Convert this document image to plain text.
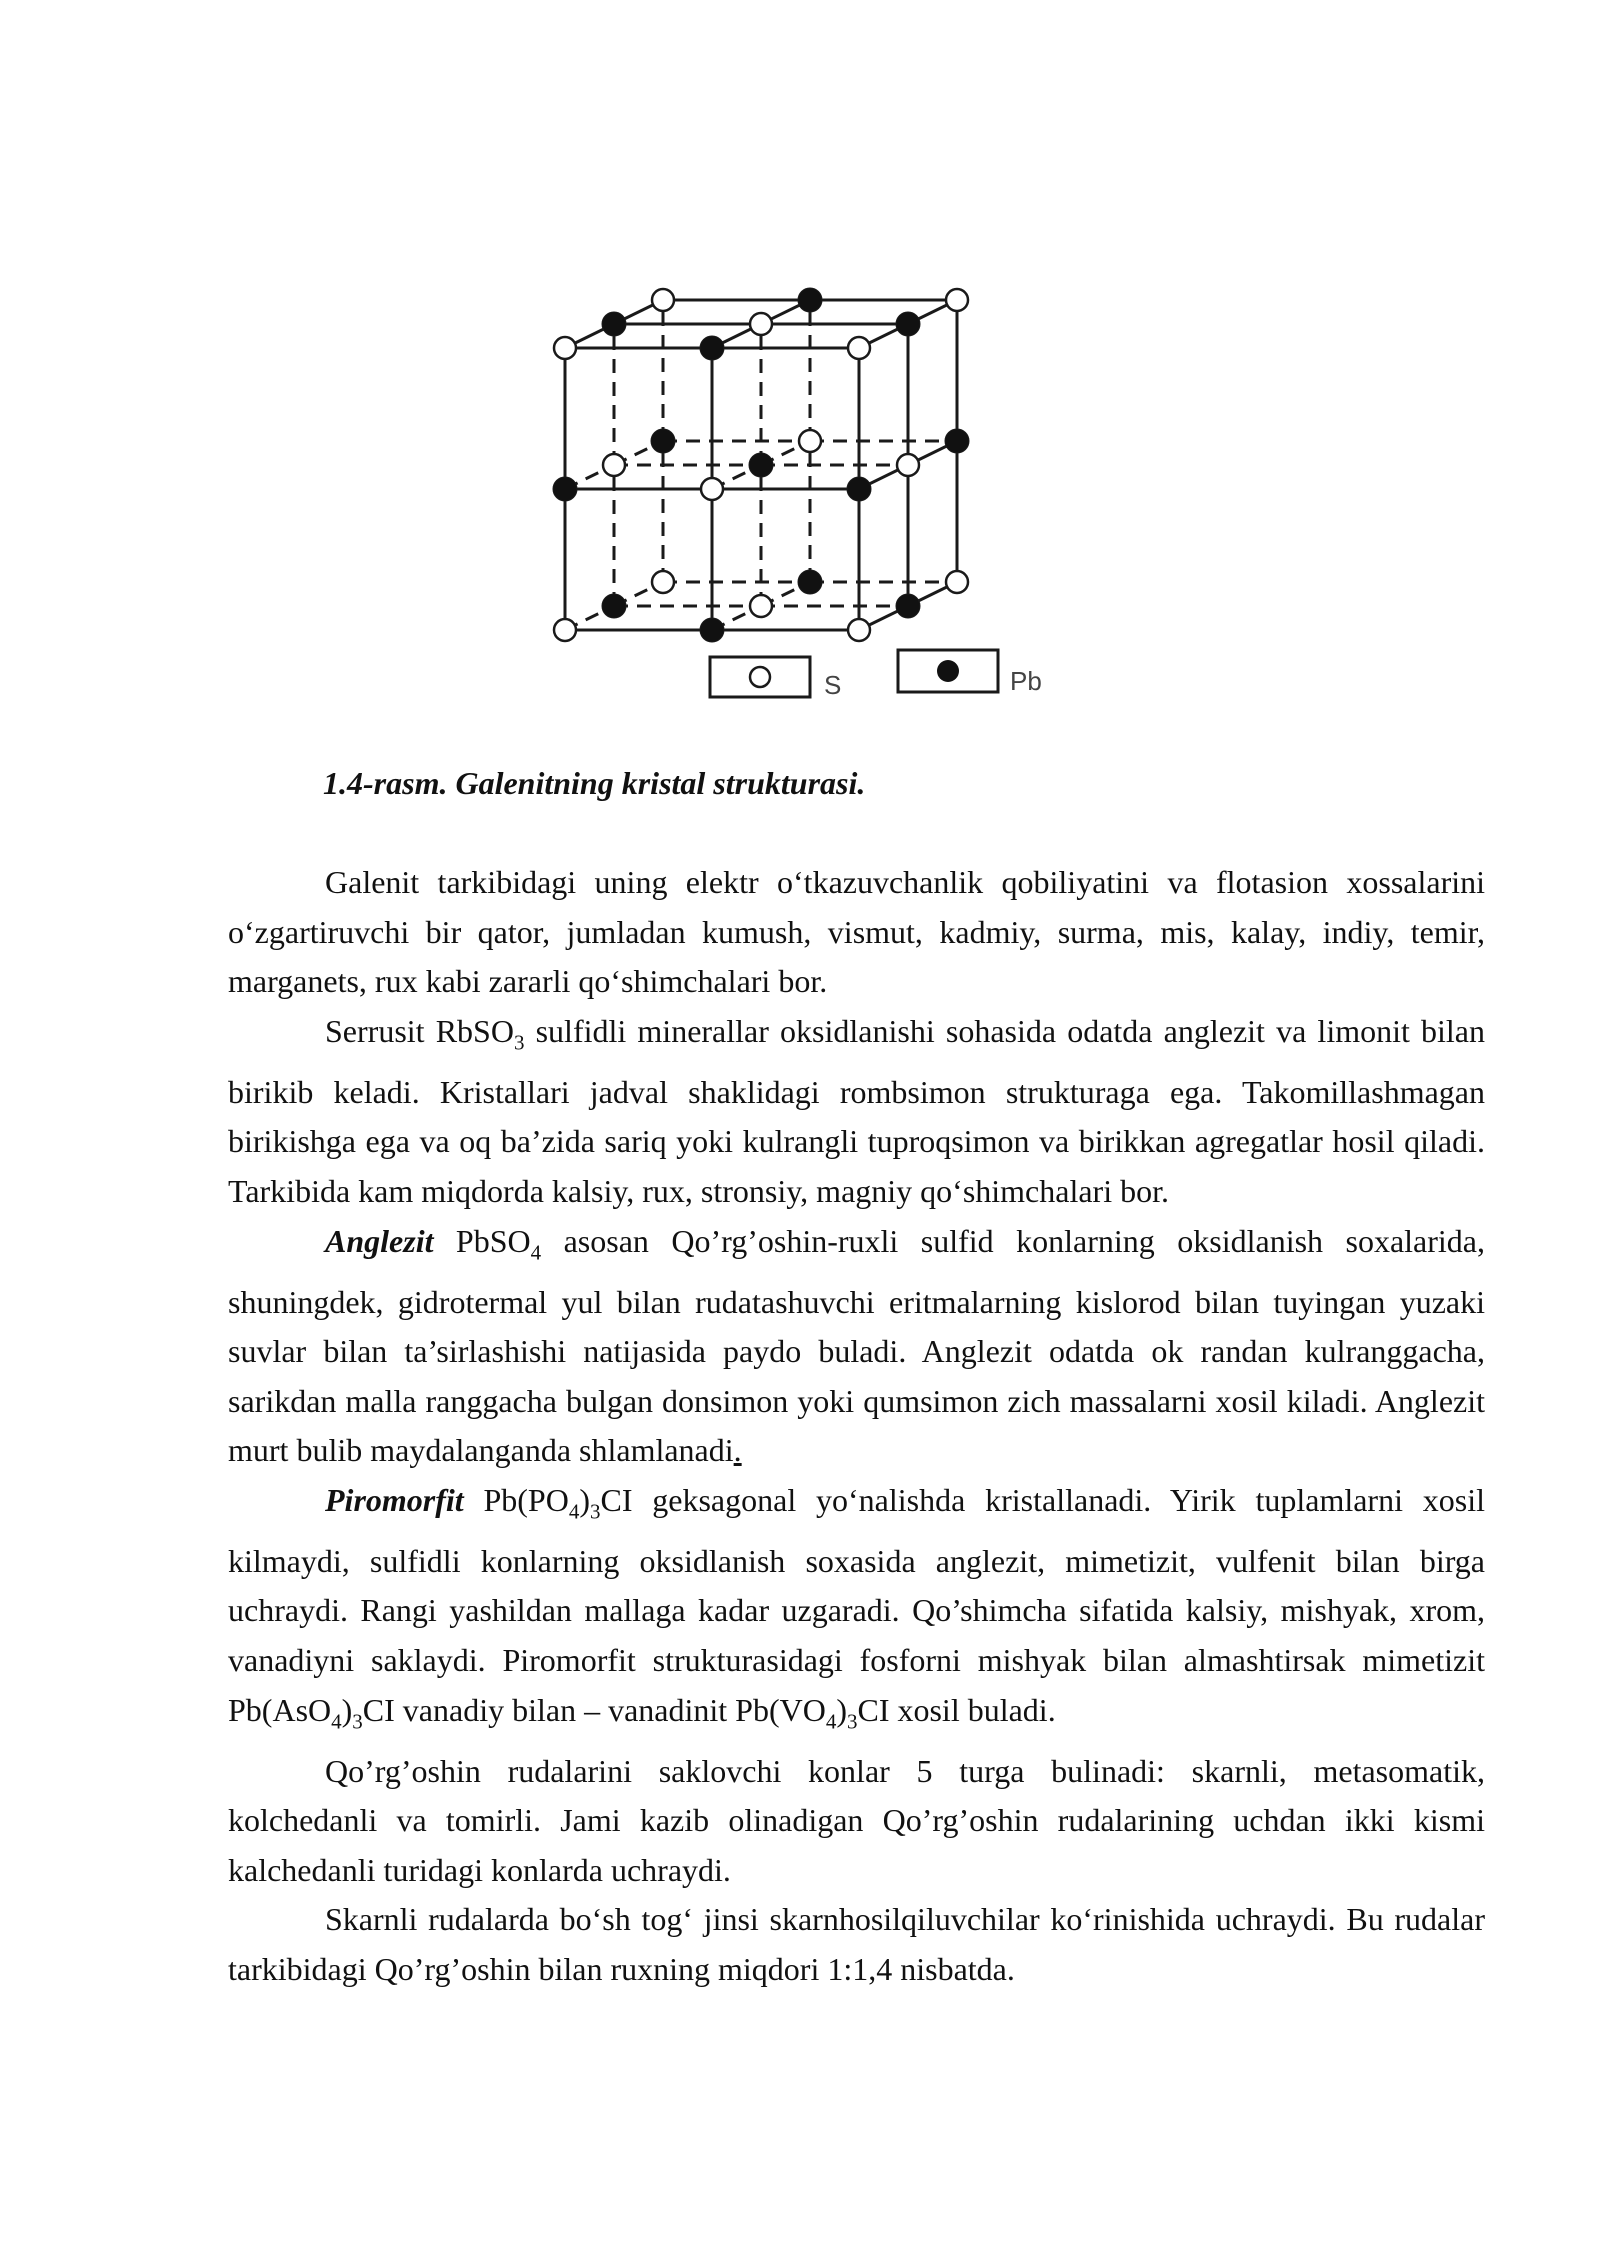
S	Pb
1.4-rasm. Galenitning kristal strukturasi.

Galenit tarkibidagi uning elektr o‘tkazuvchanlik qobiliyatini va flotasion xossalarini o‘zgartiruvchi bir qator, jumladan kumush, vismut, kadmiy, surma, mis, kalay, indiy, temir, marganets, rux kabi zararli qo‘shimchalari bor.

Serrusit RbSO$_3$ sulfidli minerallar oksidlanishi sohasida odatda anglezit va limonit bilan birikib keladi. Kristallari jadval shaklidagi rombsimon strukturaga ega. Takomillashmagan birikishga ega va oq ba’zida sariq yoki kulrangli tuproqsimon va birikkan agregatlar hosil qiladi. Tarkibida kam miqdorda kalsiy, rux, stronsiy, magniy qo‘shimchalari bor.

Anglezit PbSO$_4$ asosan Qo’rg’oshin-ruxli sulfid konlarning oksidlanish soxalarida, shuningdek, gidrotermal yul bilan rudatashuvchi eritmalarning kislorod bilan tuyingan yuzaki suvlar bilan ta’sirlashishi natijasida paydo buladi. Anglezit odatda ok randan kulranggacha, sarikdan malla ranggacha bulgan donsimon yoki qumsimon zich massalarni xosil kiladi. Anglezit murt bulib maydalanganda shlamlanadi.

Piromorfit $Pb(PO_4)_3CI$ geksagonal yo‘nalishda kristallanadi. Yirik tuplamlarni xosil kilmaydi, sulfidli konlarning oksidlanish soxasida anglezit, mimetizit, vulfenit bilan birga uchraydi. Rangi yashildan mallaga kadar uzgaradi. Qo’shimcha sifatida kalsiy, mishyak, xrom, vanadiyni saklaydi. Piromorfit strukturasidagi fosforni mishyak bilan almashtirsak mimetizit $Pb(AsO_4)_3CI$ vanadiy bilan – vanadinit $Pb(VO_4)_3CI$ xosil buladi.

Qo’rg’oshin rudalarini saklovchi konlar 5 turga bulinadi: skarnli, metasomatik, kolchedanli va tomirli. Jami kazib olinadigan Qo’rg’oshin rudalarining uchdan ikki kismi kalchedanli turidagi konlarda uchraydi.

Skarnli rudalarda bo‘sh tog‘ jinsi skarnhosilqiluvchilar ko‘rinishida uchraydi. Bu rudalar tarkibidagi Qo’rg’oshin bilan ruxning miqdori 1:1,4 nisbatda.
